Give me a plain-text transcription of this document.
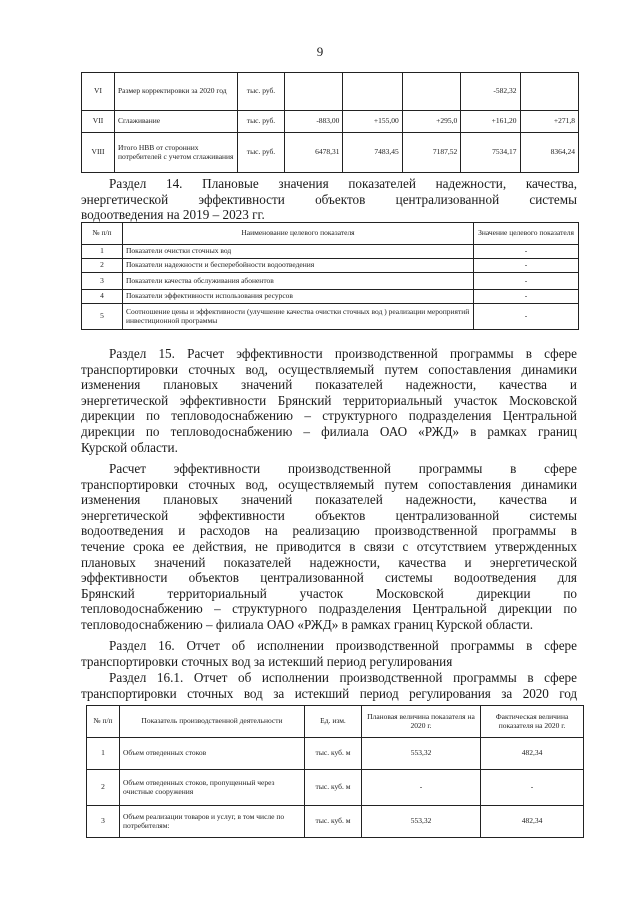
9
VI	Размер корректировки за 2020 год	тыс. руб.				-582,32	
VII	Сглаживание	тыс. руб.	-883,00	+155,00	+295,0	+161,20	+271,8
VIII	Итого НВВ от сторонних потребителей с учетом сглаживания	тыс. руб.	6478,31	7483,45	7187,52	7534,17	8364,24
Раздел 14. Плановые значения показателей надежности, качества,
энергетической эффективности объектов централизованной системы
водоотведения на 2019 – 2023 гг.
№ п/п	Наименование целевого показателя	Значение целевого показателя
1	Показатели очистки сточных вод	-
2	Показатели надежности и бесперебойности водоотведения	-
3	Показатели качества обслуживания абонентов	-
4	Показатели эффективности использования ресурсов	-
5	Соотношение цены и эффективности (улучшение качества очистки сточных вод ) реализации мероприятий инвестиционной программы	-
Раздел 15. Расчет эффективности производственной программы в сфере
транспортировки сточных вод, осуществляемый путем сопоставления динамики
изменения плановых значений показателей надежности, качества и
энергетической эффективности Брянский территориальный участок Московской
дирекции по тепловодоснабжению – структурного подразделения Центральной
дирекции по тепловодоснабжению – филиала ОАО «РЖД» в рамках границ
Курской области.
Расчет эффективности производственной программы в сфере
транспортировки сточных вод, осуществляемый путем сопоставления динамики
изменения плановых значений показателей надежности, качества и
энергетической эффективности объектов централизованной системы
водоотведения и расходов на реализацию производственной программы в
течение срока ее действия, не приводится в связи с отсутствием утвержденных
плановых значений показателей надежности, качества и энергетической
эффективности объектов централизованной системы водоотведения для
Брянский территориальный участок Московской дирекции по
тепловодоснабжению – структурного подразделения Центральной дирекции по
тепловодоснабжению – филиала ОАО «РЖД» в рамках границ Курской области.
Раздел 16. Отчет об исполнении производственной программы в сфере
транспортировки сточных вод за истекший период регулирования
Раздел 16.1. Отчет об исполнении производственной программы в сфере
транспортировки сточных вод за истекший период регулирования за 2020 год
№ п/п	Показатель производственной деятельности	Ед. изм.	Плановая величина показателя на 2020 г.	Фактическая величина показателя на 2020 г.
1	Объем отведенных стоков	тыс. куб. м	553,32	482,34
2	Объем отведенных стоков, пропущенный через очистные сооружения	тыс. куб. м	-	-
3	Объем реализации товаров и услуг, в том числе по потребителям:	тыс. куб. м	553,32	482,34
